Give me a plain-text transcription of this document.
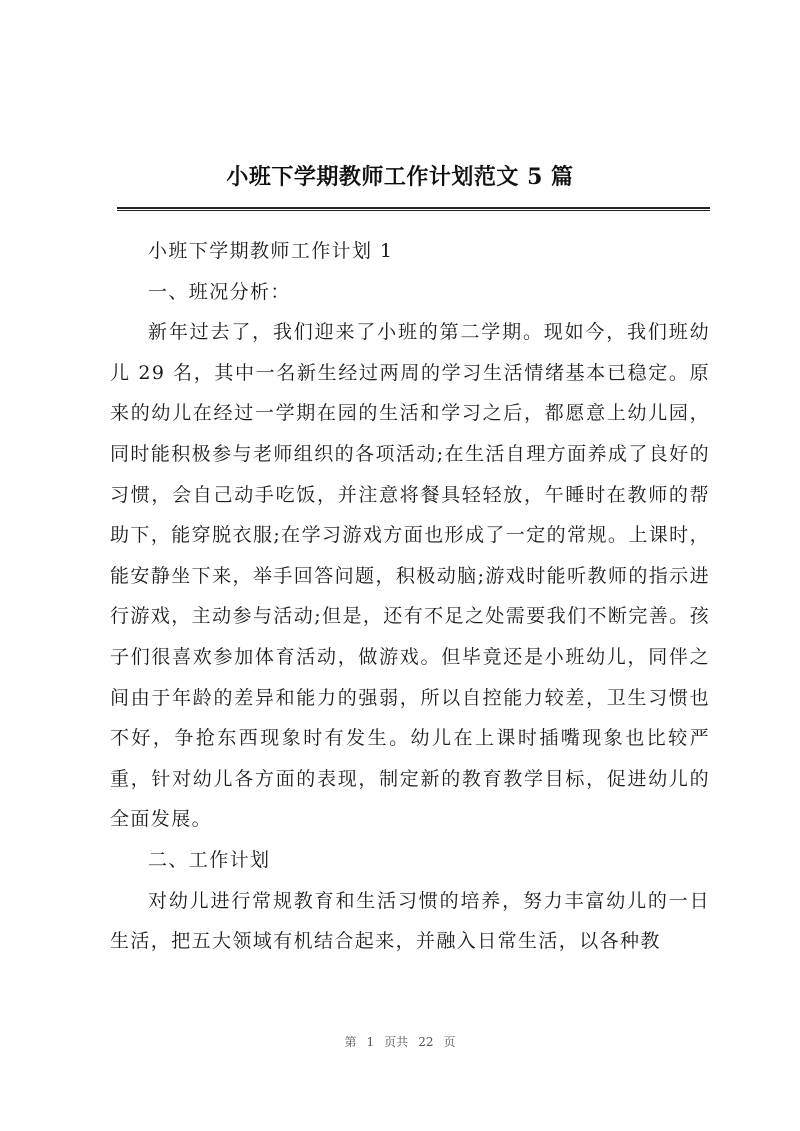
小班下学期教师工作计划范文 5 篇

小班下学期教师工作计划 1

一、班况分析：

新年过去了，我们迎来了小班的第二学期。现如今，我们班幼儿 29 名，其中一名新生经过两周的学习生活情绪基本已稳定。原来的幼儿在经过一学期在园的生活和学习之后，都愿意上幼儿园，同时能积极参与老师组织的各项活动;在生活自理方面养成了良好的习惯，会自己动手吃饭，并注意将餐具轻轻放，午睡时在教师的帮助下，能穿脱衣服;在学习游戏方面也形成了一定的常规。上课时，能安静坐下来，举手回答问题，积极动脑;游戏时能听教师的指示进行游戏，主动参与活动;但是，还有不足之处需要我们不断完善。孩子们很喜欢参加体育活动，做游戏。但毕竟还是小班幼儿，同伴之间由于年龄的差异和能力的强弱，所以自控能力较差，卫生习惯也不好，争抢东西现象时有发生。幼儿在上课时插嘴现象也比较严重，针对幼儿各方面的表现，制定新的教育教学目标，促进幼儿的全面发展。

二、工作计划

对幼儿进行常规教育和生活习惯的培养，努力丰富幼儿的一日生活，把五大领域有机结合起来，并融入日常生活，以各种教

第 1 页共 22 页
